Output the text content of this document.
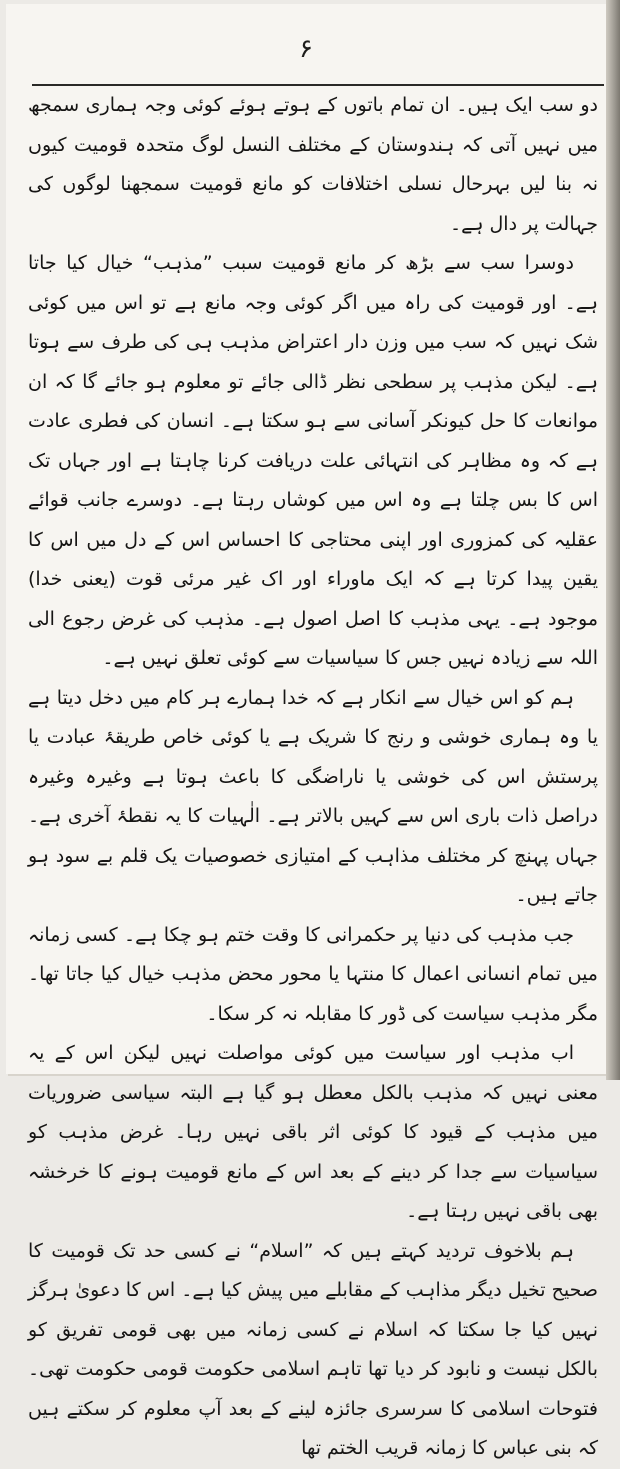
۶

دو سب ایک ہیں۔ ان تمام باتوں کے ہوتے ہوئے کوئی وجہ ہماری سمجھ میں نہیں آتی کہ ہندوستان کے مختلف النسل لوگ متحدہ قومیت کیوں نہ بنا لیں بہرحال نسلی اختلافات کو مانع قومیت سمجھنا لوگوں کی جہالت پر دال ہے۔

دوسرا سب سے بڑھ کر مانع قومیت سبب ”مذہب“ خیال کیا جاتا ہے۔ اور قومیت کی راہ میں اگر کوئی وجہ مانع ہے تو اس میں کوئی شک نہیں کہ سب میں وزن دار اعتراض مذہب ہی کی طرف سے ہوتا ہے۔ لیکن مذہب پر سطحی نظر ڈالی جائے تو معلوم ہو جائے گا کہ ان موانعات کا حل کیونکر آسانی سے ہو سکتا ہے۔ انسان کی فطری عادت ہے کہ وہ مظاہر کی انتہائی علت دریافت کرنا چاہتا ہے اور جہاں تک اس کا بس چلتا ہے وہ اس میں کوشاں رہتا ہے۔ دوسرے جانب قوائے عقلیہ کی کمزوری اور اپنی محتاجی کا احساس اس کے دل میں اس کا یقین پیدا کرتا ہے کہ ایک ماوراء اور اک غیر مرئی قوت (یعنی خدا) موجود ہے۔ یہی مذہب کا اصل اصول ہے۔ مذہب کی غرض رجوع الی اللہ سے زیادہ نہیں جس کا سیاسیات سے کوئی تعلق نہیں ہے۔

ہم کو اس خیال سے انکار ہے کہ خدا ہمارے ہر کام میں دخل دیتا ہے یا وہ ہماری خوشی و رنج کا شریک ہے یا کوئی خاص طریقۂ عبادت یا پرستش اس کی خوشی یا ناراضگی کا باعث ہوتا ہے وغیرہ وغیرہ دراصل ذات باری اس سے کہیں بالاتر ہے۔ الٰہیات کا یہ نقطۂ آخری ہے۔ جہاں پہنچ کر مختلف مذاہب کے امتیازی خصوصیات یک قلم بے سود ہو جاتے ہیں۔

جب مذہب کی دنیا پر حکمرانی کا وقت ختم ہو چکا ہے۔ کسی زمانہ میں تمام انسانی اعمال کا منتہا یا محور محض مذہب خیال کیا جاتا تھا۔ مگر مذہب سیاست کی ڈور کا مقابلہ نہ کر سکا۔

اب مذہب اور سیاست میں کوئی مواصلت نہیں لیکن اس کے یہ معنی نہیں کہ مذہب بالکل معطل ہو گیا ہے البتہ سیاسی ضروریات میں مذہب کے قیود کا کوئی اثر باقی نہیں رہا۔ غرض مذہب کو سیاسیات سے جدا کر دینے کے بعد اس کے مانع قومیت ہونے کا خرخشہ بھی باقی نہیں رہتا ہے۔

ہم بلاخوف تردید کہتے ہیں کہ ”اسلام“ نے کسی حد تک قومیت کا صحیح تخیل دیگر مذاہب کے مقابلے میں پیش کیا ہے۔ اس کا دعویٰ ہرگز نہیں کیا جا سکتا کہ اسلام نے کسی زمانہ میں بھی قومی تفریق کو بالکل نیست و نابود کر دیا تھا تاہم اسلامی حکومت قومی حکومت تھی۔ فتوحات اسلامی کا سرسری جائزہ لینے کے بعد آپ معلوم کر سکتے ہیں کہ بنی عباس کا زمانہ قریب الختم تھا
